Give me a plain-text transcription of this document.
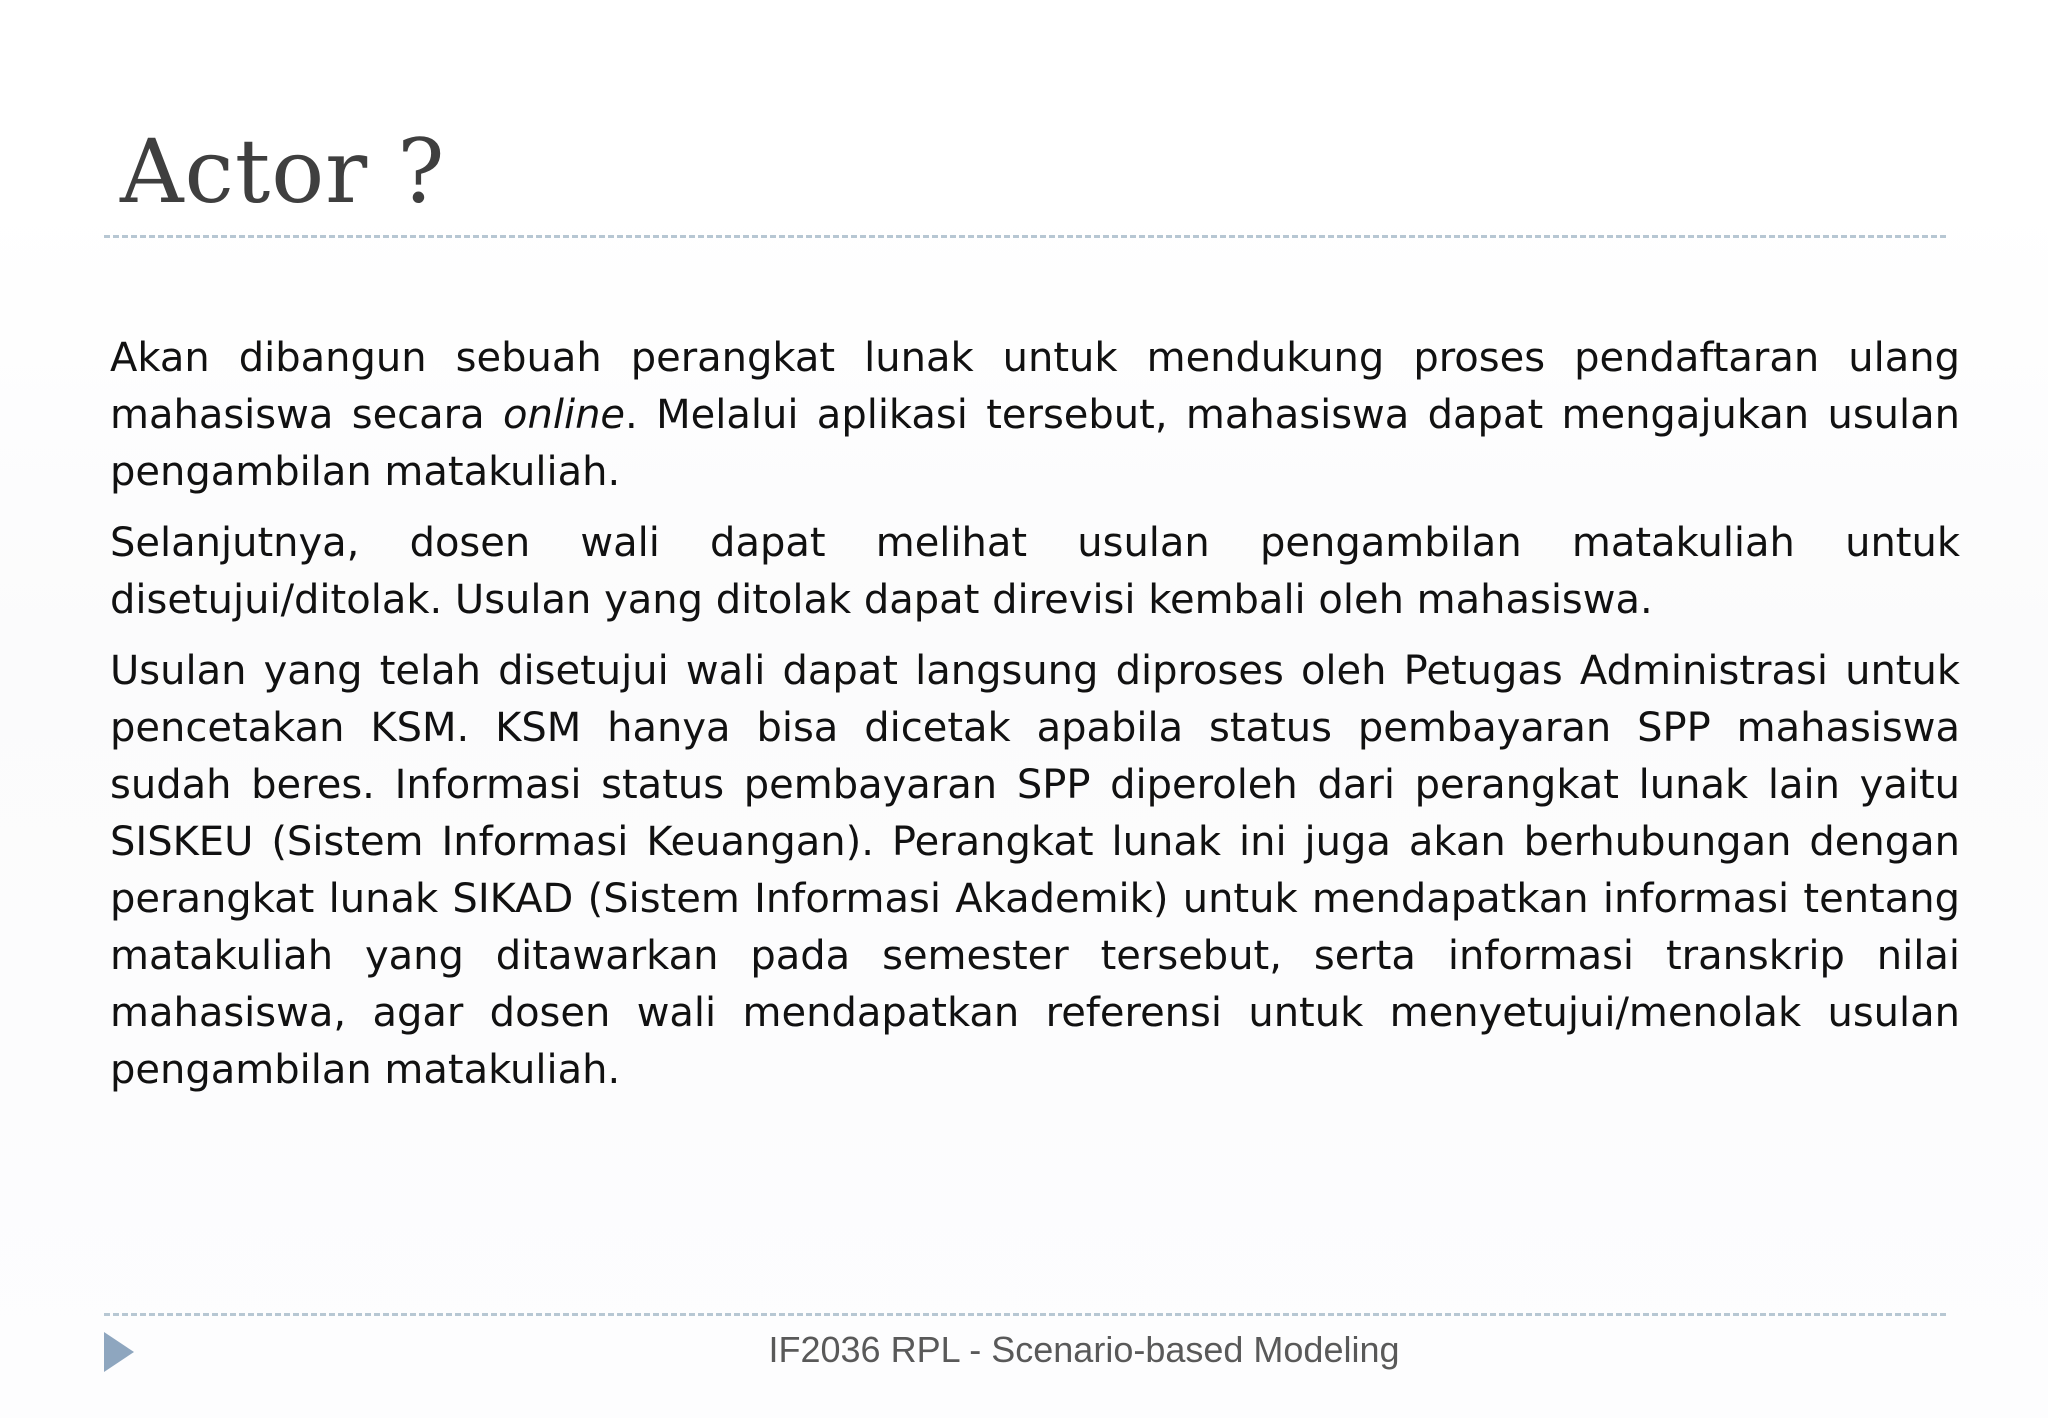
Actor ?

Akan dibangun sebuah perangkat lunak untuk mendukung proses pendaftaran ulang mahasiswa secara online. Melalui aplikasi tersebut, mahasiswa dapat mengajukan usulan pengambilan matakuliah.

Selanjutnya, dosen wali dapat melihat usulan pengambilan matakuliah untuk disetujui/ditolak. Usulan yang ditolak dapat direvisi kembali oleh mahasiswa.

Usulan yang telah disetujui wali dapat langsung diproses oleh Petugas Administrasi untuk pencetakan KSM. KSM hanya bisa dicetak apabila status pembayaran SPP mahasiswa sudah beres. Informasi status pembayaran SPP diperoleh dari perangkat lunak lain yaitu SISKEU (Sistem Informasi Keuangan). Perangkat lunak ini juga akan berhubungan dengan perangkat lunak SIKAD (Sistem Informasi Akademik) untuk mendapatkan informasi tentang matakuliah yang ditawarkan pada semester tersebut, serta informasi transkrip nilai mahasiswa, agar dosen wali mendapatkan referensi untuk menyetujui/menolak usulan pengambilan matakuliah.

IF2036 RPL - Scenario-based Modeling
